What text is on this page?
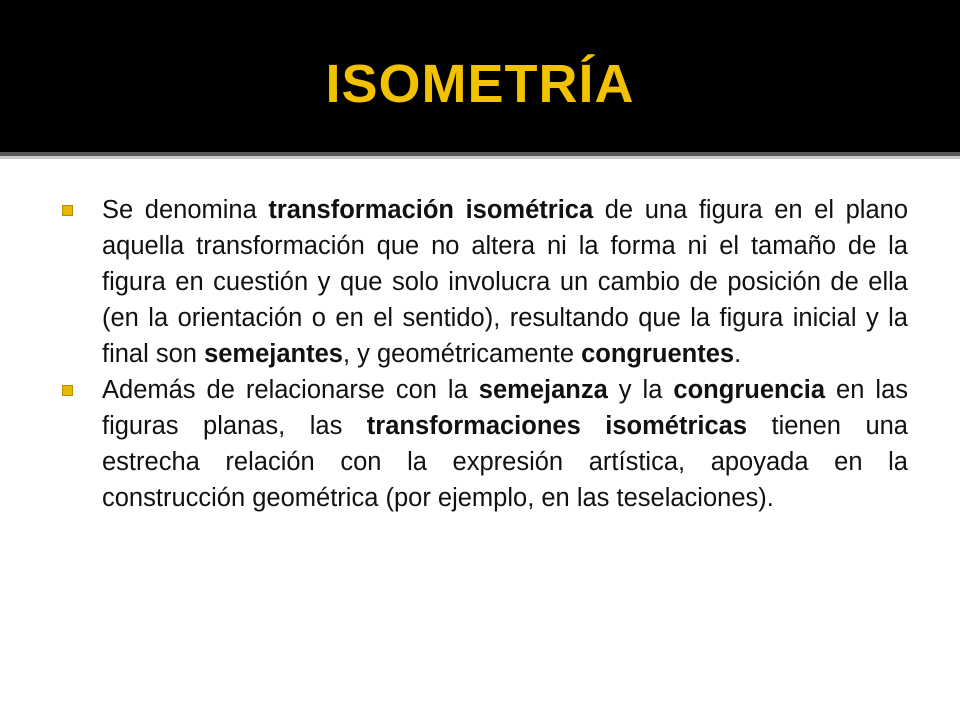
ISOMETRÍA

Se denomina transformación isométrica de una figura en el plano aquella transformación que no altera ni la forma ni el tamaño de la figura en cuestión y que solo involucra un cambio de posición de ella (en la orientación o en el sentido), resultando que la figura inicial y la final son semejantes, y geométricamente congruentes.

Además de relacionarse con la semejanza y la congruencia en las figuras planas, las transformaciones isométricas tienen una estrecha relación con la expresión artística, apoyada en la construcción geométrica (por ejemplo, en las teselaciones).
